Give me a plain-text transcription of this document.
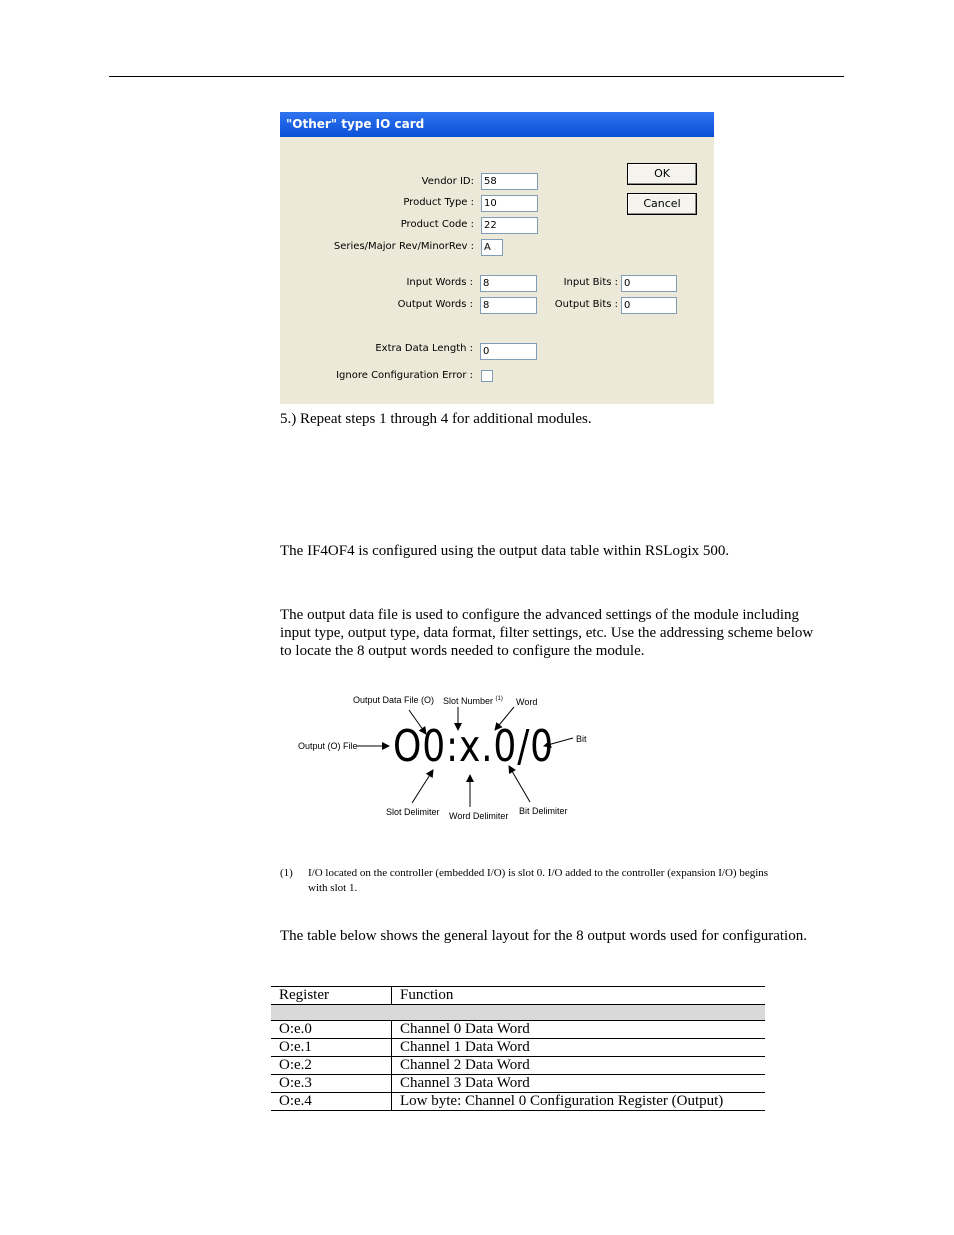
"Other" type IO card
Vendor ID:	58
Product Type :	10
Product Code :	22
Series/Major Rev/MinorRev :	A
Input Words :	8
Output Words :	8
Input Bits : 0
Output Bits : 0
Extra Data Length :	0
Ignore Configuration Error :
OK
Cancel
5.) Repeat steps 1 through 4 for additional modules.
The IF4OF4 is configured using the output data table within RSLogix 500.
The output data file is used to configure the advanced settings of the module including
input type, output type, data format, filter settings, etc. Use the addressing scheme below
to locate the 8 output words needed to configure the module.
Output Data File (O) Slot Number $^{(1)}$ Word
Output (O) File
Bit
O0:x.0/0
Slot Delimiter Word Delimiter Bit Delimiter
(1) I/O located on the controller (embedded I/O) is slot 0. I/O added to the controller (expansion I/O) begins
with slot 1.
The table below shows the general layout for the 8 output words used for configuration.
Register	Function

O:e.0	Channel 0 Data Word
O:e.1	Channel 1 Data Word
O:e.2	Channel 2 Data Word
O:e.3	Channel 3 Data Word
O:e.4	Low byte: Channel 0 Configuration Register (Output)
